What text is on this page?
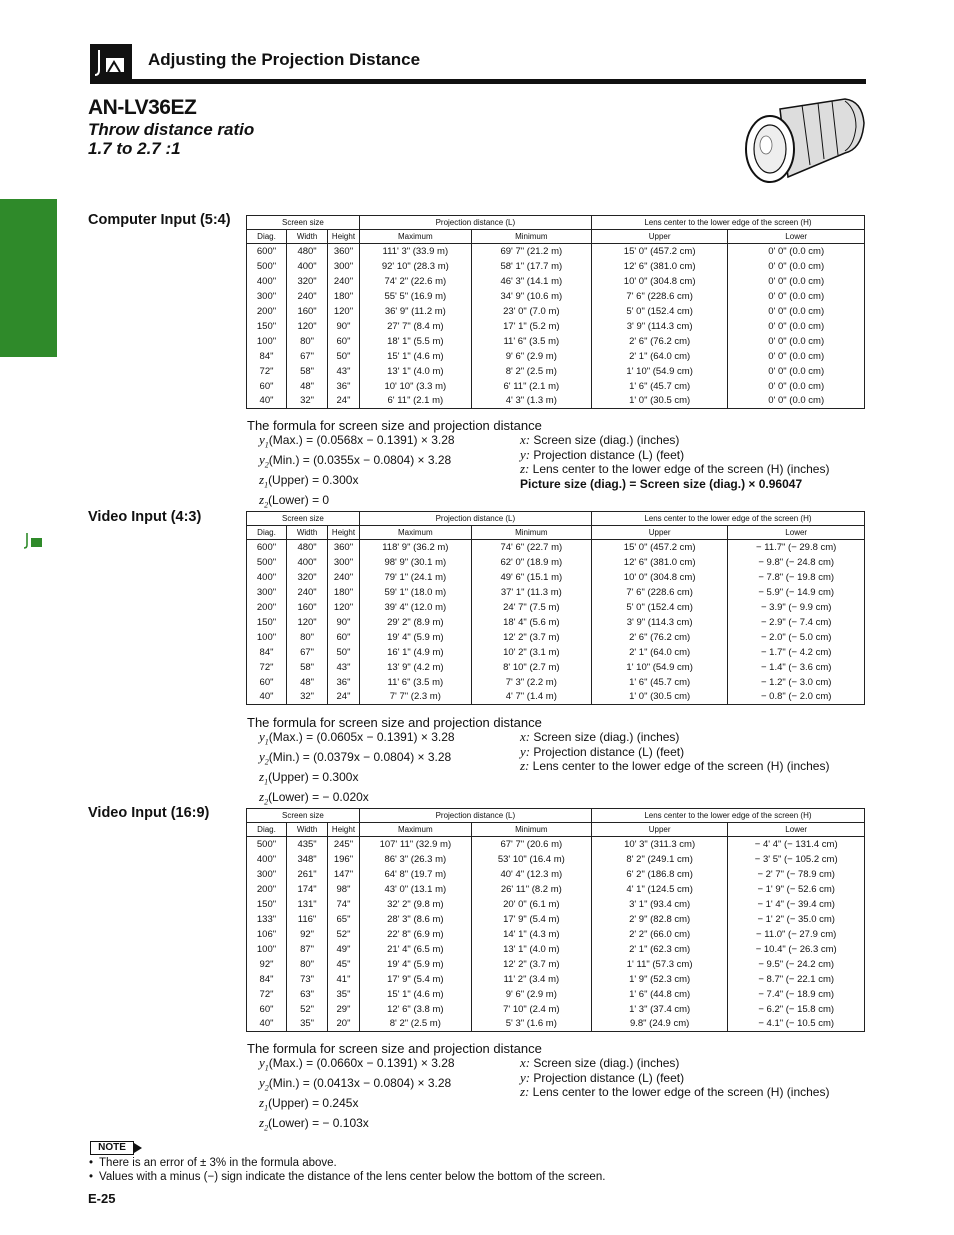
Adjusting the Projection Distance
AN-LV36EZ
Throw distance ratio
1.7 to 2.7 :1
Setup & Connections
Computer Input (5:4)	Screen size			Projection distance (L)		Lens center to the lower edge of the screen (H)	
Diag.	Width	Height	Maximum	Minimum	Upper	Lower
600"	480"	360"	111' 3" (33.9 m)	69' 7" (21.2 m)	15' 0" (457.2 cm)	0' 0" (0.0 cm)
500"	400"	300"	92' 10" (28.3 m)	58' 1" (17.7 m)	12' 6" (381.0 cm)	0' 0" (0.0 cm)
400"	320"	240"	74' 2" (22.6 m)	46' 3" (14.1 m)	10' 0" (304.8 cm)	0' 0" (0.0 cm)
300"	240"	180"	55' 5" (16.9 m)	34' 9" (10.6 m)	7' 6" (228.6 cm)	0' 0" (0.0 cm)
200"	160"	120"	36' 9" (11.2 m)	23' 0" (7.0 m)	5' 0" (152.4 cm)	0' 0" (0.0 cm)
150"	120"	90"	27' 7" (8.4 m)	17' 1" (5.2 m)	3' 9" (114.3 cm)	0' 0" (0.0 cm)
100"	80"	60"	18' 1" (5.5 m)	11' 6" (3.5 m)	2' 6" (76.2 cm)	0' 0" (0.0 cm)
84"	67"	50"	15' 1" (4.6 m)	9' 6" (2.9 m)	2' 1" (64.0 cm)	0' 0" (0.0 cm)
72"	58"	43"	13' 1" (4.0 m)	8' 2" (2.5 m)	1' 10" (54.9 cm)	0' 0" (0.0 cm)
60"	48"	36"	10' 10" (3.3 m)	6' 11" (2.1 m)	1' 6" (45.7 cm)	0' 0" (0.0 cm)
40"	32"	24"	6' 11" (2.1 m)	4' 3" (1.3 m)	1' 0" (30.5 cm)	0' 0" (0.0 cm)
The formula for screen size and projection distance
$y_1(Max.) = (0.0568x - 0.1391) \times 3.28$
$y_2(Min.) = (0.0355x - 0.0804) \times 3.28$
$z_1(Upper) = 0.300x$
$z_2(Lower) = 0$
x: Screen size (diag.) (inches)
y: Projection distance (L) (feet)
z: Lens center to the lower edge of the screen (H) (inches)
Picture size (diag.) = Screen size (diag.) × 0.96047
Video Input (4:3)	Screen size			Projection distance (L)		Lens center to the lower edge of the screen (H)	
Diag.	Width	Height	Maximum	Minimum	Upper	Lower
600"	480"	360"	118' 9" (36.2 m)	74' 6" (22.7 m)	15' 0" (457.2 cm)	− 11.7" (− 29.8 cm)
500"	400"	300"	98' 9" (30.1 m)	62' 0" (18.9 m)	12' 6" (381.0 cm)	− 9.8" (− 24.8 cm)
400"	320"	240"	79' 1" (24.1 m)	49' 6" (15.1 m)	10' 0" (304.8 cm)	− 7.8" (− 19.8 cm)
300"	240"	180"	59' 1" (18.0 m)	37' 1" (11.3 m)	7' 6" (228.6 cm)	− 5.9" (− 14.9 cm)
200"	160"	120"	39' 4" (12.0 m)	24' 7" (7.5 m)	5' 0" (152.4 cm)	− 3.9" (− 9.9 cm)
150"	120"	90"	29' 2" (8.9 m)	18' 4" (5.6 m)	3' 9" (114.3 cm)	− 2.9" (− 7.4 cm)
100"	80"	60"	19' 4" (5.9 m)	12' 2" (3.7 m)	2' 6" (76.2 cm)	− 2.0" (− 5.0 cm)
84"	67"	50"	16' 1" (4.9 m)	10' 2" (3.1 m)	2' 1" (64.0 cm)	− 1.7" (− 4.2 cm)
72"	58"	43"	13' 9" (4.2 m)	8' 10" (2.7 m)	1' 10" (54.9 cm)	− 1.4" (− 3.6 cm)
60"	48"	36"	11' 6" (3.5 m)	7' 3" (2.2 m)	1' 6" (45.7 cm)	− 1.2" (− 3.0 cm)
40"	32"	24"	7' 7" (2.3 m)	4' 7" (1.4 m)	1' 0" (30.5 cm)	− 0.8" (− 2.0 cm)
The formula for screen size and projection distance
$y_1(Max.) = (0.0605x - 0.1391) \times 3.28$
$y_2(Min.) = (0.0379x - 0.0804) \times 3.28$
$z_1(Upper) = 0.300x$
$z_2(Lower)$ = − 0.020x
x: Screen size (diag.) (inches)
y: Projection distance (L) (feet)
z: Lens center to the lower edge of the screen (H) (inches)
Video Input (16:9)	Screen size			Projection distance (L)		Lens center to the lower edge of the screen (H)	
Diag.	Width	Height	Maximum	Minimum	Upper	Lower
500"	435"	245"	107' 11" (32.9 m)	67' 7" (20.6 m)	10' 3" (311.3 cm)	− 4' 4" (− 131.4 cm)
400"	348"	196"	86' 3" (26.3 m)	53' 10" (16.4 m)	8' 2" (249.1 cm)	− 3' 5" (− 105.2 cm)
300"	261"	147"	64' 8" (19.7 m)	40' 4" (12.3 m)	6' 2" (186.8 cm)	− 2' 7" (− 78.9 cm)
200"	174"	98"	43' 0" (13.1 m)	26' 11" (8.2 m)	4' 1" (124.5 cm)	− 1' 9" (− 52.6 cm)
150"	131"	74"	32' 2" (9.8 m)	20' 0" (6.1 m)	3' 1" (93.4 cm)	− 1' 4" (− 39.4 cm)
133"	116"	65"	28' 3" (8.6 m)	17' 9" (5.4 m)	2' 9" (82.8 cm)	− 1' 2" (− 35.0 cm)
106"	92"	52"	22' 8" (6.9 m)	14' 1" (4.3 m)	2' 2" (66.0 cm)	− 11.0" (− 27.9 cm)
100"	87"	49"	21' 4" (6.5 m)	13' 1" (4.0 m)	2' 1" (62.3 cm)	− 10.4" (− 26.3 cm)
92"	80"	45"	19' 4" (5.9 m)	12' 2" (3.7 m)	1' 11" (57.3 cm)	− 9.5" (− 24.2 cm)
84"	73"	41"	17' 9" (5.4 m)	11' 2" (3.4 m)	1' 9" (52.3 cm)	− 8.7" (− 22.1 cm)
72"	63"	35"	15' 1" (4.6 m)	9' 6" (2.9 m)	1' 6" (44.8 cm)	− 7.4" (− 18.9 cm)
60"	52"	29"	12' 6" (3.8 m)	7' 10" (2.4 m)	1' 3" (37.4 cm)	− 6.2" (− 15.8 cm)
40"	35"	20"	8' 2" (2.5 m)	5' 3" (1.6 m)	9.8" (24.9 cm)	− 4.1" (− 10.5 cm)
The formula for screen size and projection distance
$y_1(Max.) = (0.0660x - 0.1391) \times 3.28$
$y_2(Min.) = (0.0413x - 0.0804) \times 3.28$
$z_1(Upper) = 0.245x$
$z_2(Lower)$ = − 0.103x
x: Screen size (diag.) (inches)
y: Projection distance (L) (feet)
z: Lens center to the lower edge of the screen (H) (inches)
NOTE
• There is an error of ± 3% in the formula above.
• Values with a minus (−) sign indicate the distance of the lens center below the bottom of the screen.
E-25
